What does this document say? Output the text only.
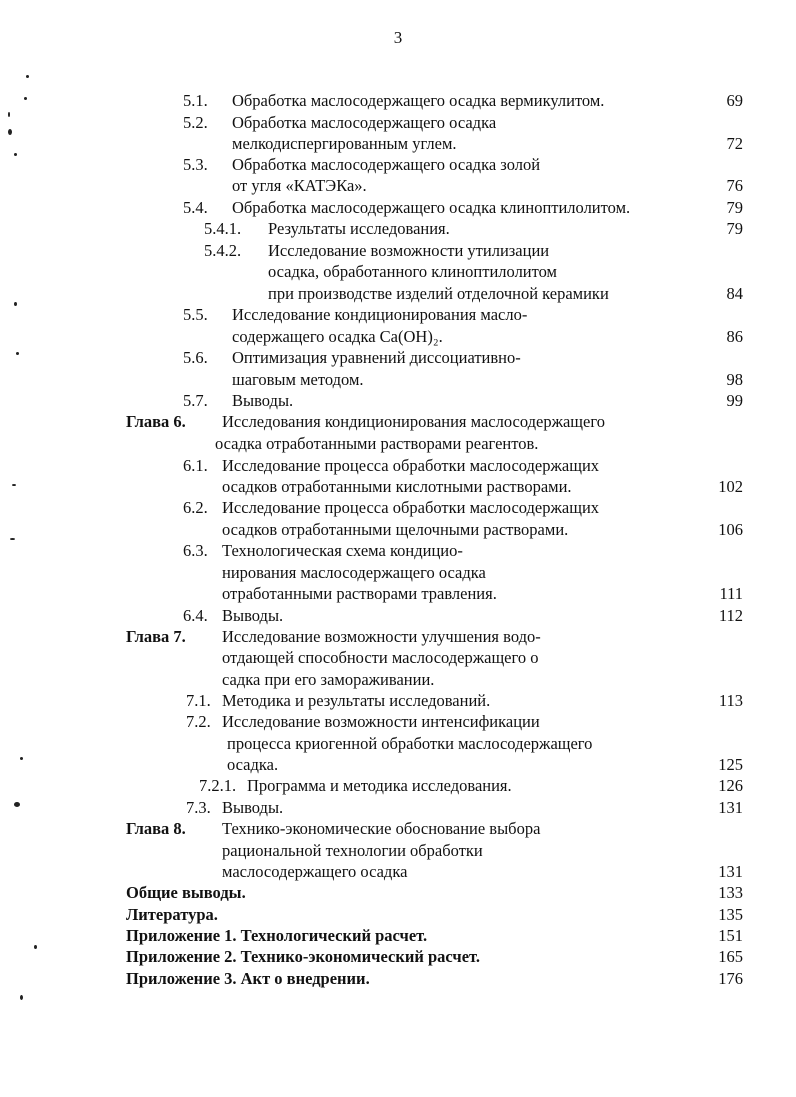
3
5.1. Обработка маслосодержащего осадка вермикулитом.	69
5.2. Обработка маслосодержащего осадка
мелкодиспергированным углем.	72
5.3. Обработка маслосодержащего осадка золой
от угля «КАТЭКа».	76
5.4. Обработка маслосодержащего осадка клиноптилолитом.	79
5.4.1. Результаты исследования.	79
5.4.2. Исследование возможности утилизации
осадка, обработанного клиноптилолитом
при производстве изделий отделочной керамики	84
5.5. Исследование кондиционирования масло-
содержащего осадка Ca(OH)₂.	86
5.6. Оптимизация уравнений диссоциативно-
шаговым методом.	98
5.7. Выводы.	99
Глава 6. Исследования кондиционирования маслосодержащего
осадка отработанными растворами реагентов.
6.1. Исследование процесса обработки маслосодержащих
осадков отработанными кислотными растворами.	102
6.2. Исследование процесса обработки маслосодержащих
осадков отработанными щелочными растворами.	106
6.3. Технологическая схема кондицио-
нирования маслосодержащего осадка
отработанными растворами травления.	111
6.4. Выводы.	112
Глава 7. Исследование возможности улучшения водо-
отдающей способности маслосодержащего о
садка при его замораживании.
7.1. Методика и результаты исследований.	113
7.2. Исследование возможности интенсификации
процесса криогенной обработки маслосодержащего
осадка.	125
7.2.1. Программа и методика исследования.	126
7.3. Выводы.	131
Глава 8. Технико-экономические обоснование выбора
рациональной технологии обработки
маслосодержащего осадка	131
Общие выводы.	133
Литература.	135
Приложение 1. Технологический расчет.	151
Приложение 2. Технико-экономический расчет.	165
Приложение 3. Акт о внедрении.	176
